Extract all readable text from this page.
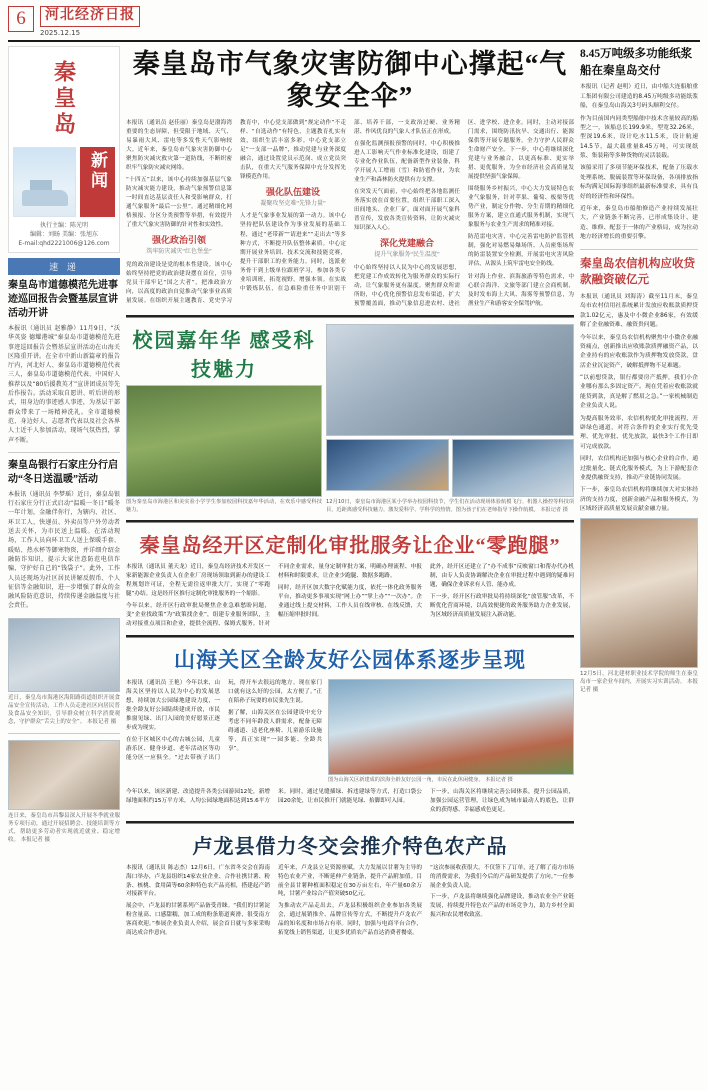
6	河北经济日报
2025.12.15
秦皇岛
新闻
执行主编：陈光明
编辑：刘旸 美编：张旭东
E-mail:qhd2221006@126.com
速 递
秦皇岛市道德模范先进事迹巡回报告会暨基层宣讲活动开讲

本报讯（通讯员 赵雅静）11月9日，“沃华英姿 德耀港城”秦皇岛市道德模范先进事迹巡回报告会暨基层宣讲活动在山海关区隆重开讲。在全市中新山新篇章的报告厅内，河北好人、秦皇岛市道德模范代表三人，秦皇岛市道德模范代表、中国好人推荐以及“80后援教英才”宣讲团成员等先后作报告。活动采取自愿讲、听后讲的形式，用身边的事迹感人事迹，为基层干部群众带来了一场精神洗礼。全市道德模范、身边好人、志愿者代表以及社会各界人士近千人参加活动，现场气氛热烈，掌声不断。

秦皇岛银行石家庄分行启动“冬日送温暖”活动

本报讯（通讯员 李梦瑶）近日，秦皇岛银行石家庄分行正式启动“温暖一冬日”暖冬一年计划，金融伴你行，为辖内、社区、环卫工人、快递员、外卖员等户外劳动者送去关怀，为市民送上温暖。在活动现场，工作人员向环卫工人送上保暖手套、暖贴、热水杯等御寒物资，并详细介绍金融防诈知识，提示大家注意防范电信诈骗，守护好自己的“钱袋子”。此外，工作人员还现场为社区居民讲解反假币、个人征信等金融知识，进一步增强了群众的金融风险防范意识，持续传递金融温度与社会责任。

近日，秦皇岛市海港区海阳路街道组织开展食品安全宣传活动，工作人员走进社区向居民普及食品安全知识，引导群众树立科学消费观念，守护群众“舌尖上的安全”。 本报记者 摄
连日来，秦皇岛市昌黎县深入开展冬季就业服务专项行动，通过开展招聘会、技能培训等方式，帮助更多劳动者实现就近就业、稳定增收。 本报记者 摄
秦皇岛市气象灾害防御中心撑起“气象安全伞”

本报讯（通讯员 赵佳丽）秦皇岛是渤海湾重要的生态屏障，但受限于地域、天气、易暴雨大风、雷电等多发性天气影响较大。近年来，秦皇岛市气象灾害防御中心聚焦防灾减灾救灾第一道防线，不断织密织牢气象防灾减灾网络。

“十四五”以来，该中心持续加强基层气象防灾减灾能力建设，推动气象预警信息第一时间直达基层责任人和受影响群众，打通气象服务“最后一公里”。通过精细化网格预报、分区分类预警等举措，有效提升了重大气象灾害防御的针对性和实效性。

强化政治引领
筑牢防灾减灾“红色堡垒”

党的政治建设是党的根本性建设。该中心始终坚持把党的政治建设摆在首位，引导党员干部牢记“国之大者”，把准政治方向，以高度的政治自觉推动气象事业高质量发展。在组织开展主题教育、党史学习教育中，中心党支部做到“规定动作”不走样、“自选动作”有特色，主题教育扎实有效，组织生活丰富多彩。中心党支部立足“一支部一品牌”，推动党建与业务深度融合，通过设置党员示范岗、成立党员突击队，在重大天气服务保障中充分发挥先锋模范作用。

强化队伍建设
凝聚攻坚克难“先锋力量”

人才是气象事业发展的第一动力。该中心坚持把队伍建设作为事业发展的基础工程，通过“老带新”“请进来”“走出去”等多种方式，不断提升队伍整体素质。中心定期开展业务培训、技术交流和技能竞赛，提升干部职工的业务能力。同时，选派业务骨干到上级单位跟班学习，参加各类专业培训班，拓宽视野，增强本领。在实战中锻炼队伍，在急难险重任务中识别干部、培养干部，一支政治过硬、业务精湛、作风优良的气象人才队伍正在形成。

在强化监测预报预警的同时，中心积极推进人工影响天气作业标准化建设，组建了专业化作业队伍，配备新型作业装备，科学开展人工增雨（雪）和防雹作业，为农业生产和森林防火提供有力支撑。

在突发天气面前，中心始终把各地监测任务落实放在首要位置，组织干部职工深入田间地头、企业厂矿，面对面开展气象科普宣传，发放各类宣传资料，让防灾减灾知识深入人心。

深化党建融合
提升气象服务“民生温度”

中心始终坚持以人民为中心的发展思想，把党建工作成效转化为服务群众的实际行动，让气象服务更有温度。聚焦群众所需所盼，中心优化预警信息发布渠道，扩大预警覆盖面，推动气象信息进农村、进社区、进学校、进企业。同时，主动对接部门需求，围绕防汛抗旱、交通出行、能源保供等开展专题服务，全力守护人民群众生命财产安全。下一步，中心将继续深化党建与业务融合，以更高标准、更实举措、更优服务，为全市经济社会高质量发展提供坚强气象保障。

围绕服务乡村振兴，中心大力发展特色农业气象服务，针对苹果、葡萄、板栗等优势产业，制定分作物、分生育期的精细化服务方案，建立直通式服务机制，实现气象服务与农业生产需求的精准对接。

防范雷电灾害，中心完善雷电防护监管机制，强化对易燃易爆场所、人员密集场所的防雷装置安全检测，开展雷电灾害风险评估，从源头上筑牢雷电安全防线。

针对海上作业、滨海旅游等特色需求，中心联合海洋、文旅等部门建立会商机制，及时发布海上大风、海雾等预警信息，为渔业生产和游客安全保驾护航。

校园嘉年华 感受科技魅力
图为秦皇岛市海港区和美实验小学学生参加校园科技嘉年华活动，在欢乐中感受科技魅力。
12月10日，秦皇岛市海港区某小学举办校园科技节，学生们在活动现场体验航模飞行、机器人操控等科技项目，近距离感受科技魅力，激发爱科学、学科学的热情。图为孩子们在老师指导下操作航模。 本报记者 摄
秦皇岛经开区定制化审批服务让企业“零跑腿”

本报讯（通讯员 董天龙）近日，秦皇岛经济技术开发区一家新能源企业负责人在企业厂房现场领取到新办的建设工程规划许可证，全程无需往返审批大厅，实现了“零跑腿”办结。这是经开区推行定制化审批服务的一个缩影。

今年以来，经开区行政审批局聚焦企业急难愁盼问题，变“企业找政策”为“政策找企业”，组建专业服务团队，主动对接重点项目和企业，提供全流程、保姆式服务。针对不同企业需求，量身定制审批方案，明确办理流程、申报材料和时限要求，让企业少跑腿、数据多跑路。

同时，经开区加大数字化赋能力度，依托一体化政务服务平台，推动更多事项实现“网上办”“掌上办”“一次办”。企业通过线上提交材料，工作人员在线审核、在线反馈，大幅压缩审批时间。

此外，经开区还建立了“办不成事”反映窗口和帮办代办机制，由专人负责协调解决企业在审批过程中遇到的疑难问题，确保企业诉求有人管、能办成。

下一步，经开区行政审批局将持续深化“放管服”改革，不断优化营商环境，以高效便捷的政务服务助力企业发展，为区域经济高质量发展注入新动能。

山海关区全龄友好公园体系逐步呈现

本报讯（通讯员 王艳）今年以来，山海关区坚持以人民为中心的发展思想，持续加大公园绿地建设力度，一批全龄友好公园陆续建成开放，市民推窗见绿、出门入园的美好愿景正逐步成为现实。

在位于区城区中心的古城公园，儿童游乐区、健身步道、老年活动区等功能分区一应俱全。“过去带孩子出门玩，得开车去很远的地方。现在家门口就有这么好的公园，太方便了。”正在陪孙子玩耍的市民张先生说。

据了解，山海关区在公园建设中充分考虑不同年龄段人群需求，配备无障碍通道、适老化座椅、儿童游乐设施等，真正实现“一园多能、全龄共享”。

图为山海关区新建成的滨海全龄友好公园一角，市民在此休闲健身。 本报记者 摄

今年以来，该区新建、改造提升各类公园游园12处，新增绿地面积约15万平方米，人均公园绿地面积达到15.6平方米。同时，通过见缝插绿、拆违建绿等方式，打造口袋公园20余处，让市民推开门就能见绿、抬脚即可入园。

下一步，山海关区将继续完善公园体系，提升公园品质，加强公园运营管理，让绿色成为城市最动人的底色，让群众的获得感、幸福感成色更足。

卢龙县借力冬交会推介特色农产品

本报讯（通讯员 陈志杰）12月6日，广东省冬交会在海南海口举办，卢龙县组织14家农业企业、合作社携甘薯、粉条、核桃、食用菌等60余种特色农产品亮相，搭建起产销对接新平台。

展会中，卢龙县的甘薯系列产品备受青睐。“我们的甘薯淀粉含量高、口感甜糯，加工成的粉条筋道爽滑，很受南方客商欢迎。”参展企业负责人介绍，展会首日就与多家采购商达成合作意向。

近年来，卢龙县立足资源禀赋，大力发展以甘薯为主导的特色农业产业，不断延伸产业链条，提升产品附加值。目前全县甘薯种植面积稳定在30万亩左右，年产量60余万吨，甘薯产业综合产值突破50亿元。

为推动农产品走出去，卢龙县积极组织企业参加各类展会，通过展销推介、品牌宣传等方式，不断提升卢龙农产品的知名度和市场占有率。同时，加强与电商平台合作，拓宽线上销售渠道，让更多优质农产品直达消费者餐桌。

“这次参展收获很大，不仅签下了订单，还了解了南方市场的消费需求，为我们今后的产品研发提供了方向。”一位参展企业负责人说。

下一步，卢龙县将继续强化品牌建设，推动农业全产业链发展，持续提升特色农产品的市场竞争力，助力乡村全面振兴和农民增收致富。

8.45万吨级多功能纸浆船在秦皇岛交付

本报讯（记者 赵明）近日，由中船大连船舶重工集团有限公司建造的8.45万吨级多功能纸浆船，在秦皇岛山海关3号码头顺利交付。

作为目前国内同类型船舶中技术含量较高的船型之一，该船总长199.9米，型宽32.26米，型深19.6米，设计吃水11.5米，设计航速14.5节，最大载重量8.45万吨，可实现纸浆、集装箱等多种货物的灵活装载。

该船采用了多项节能环保技术，配备了压载水处理系统、脱硫装置等环保设备，各项排放指标均满足国际海事组织最新标准要求，具有良好的经济性和环保性。

近年来，秦皇岛市船舶修造产业持续发展壮大，产业链条不断完善，已形成集设计、建造、维修、配套于一体的产业格局，成为拉动地方经济增长的重要引擎。

秦皇岛农信机构应收贷款融资破亿元

本报讯（通讯员 刘海涛）截至11月末，秦皇岛市农村信用社系统累计发放应收账款质押贷款1.02亿元，惠及中小微企业86家，有效缓解了企业融资难、融资贵问题。

今年以来，秦皇岛农信机构聚焦中小微企业融资痛点，创新推出应收账款质押融资产品，以企业持有的应收账款作为质押物发放贷款，盘活企业沉淀资产，破解抵押物不足难题。

“以前想贷款，银行都要房产抵押，我们小企业哪有那么多固定资产。现在凭着应收账款就能贷到款，真是解了燃眉之急。”一家机械制造企业负责人说。

为提高服务效率，农信机构优化审批流程，开辟绿色通道，对符合条件的企业实行优先受理、优先审批、优先放款，最快3个工作日即可完成放款。

同时，农信机构还加强与核心企业的合作，通过批量化、链式化服务模式，为上下游配套企业提供融资支持，推动产业链协同发展。

下一步，秦皇岛农信机构将继续加大对实体经济的支持力度，创新金融产品和服务模式，为区域经济高质量发展贡献金融力量。

12月5日，河北建材职业技术学院的师生在秦皇岛市一家企业车间内，开展实习实训活动。 本报记者 摄
